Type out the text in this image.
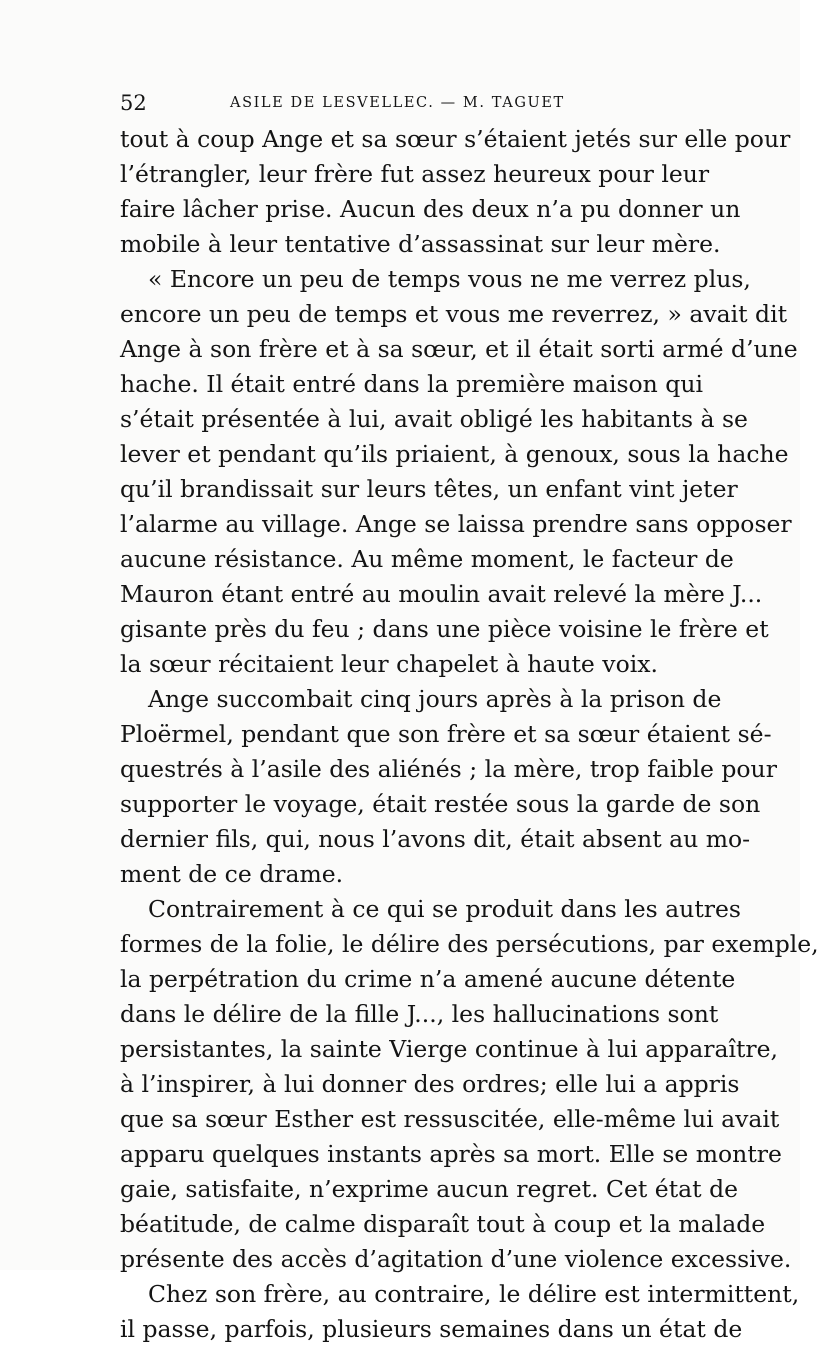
52	ASILE DE LESVELLEC. — M. TAGUET
tout à coup Ange et sa sœur s’étaient jetés sur elle pour
l’étrangler, leur frère fut assez heureux pour leur
faire lâcher prise. Aucun des deux n’a pu donner un
mobile à leur tentative d’assassinat sur leur mère.
« Encore un peu de temps vous ne me verrez plus,
encore un peu de temps et vous me reverrez, » avait dit
Ange à son frère et à sa sœur, et il était sorti armé d’une
hache. Il était entré dans la première maison qui
s’était présentée à lui, avait obligé les habitants à se
lever et pendant qu’ils priaient, à genoux, sous la hache
qu’il brandissait sur leurs têtes, un enfant vint jeter
l’alarme au village. Ange se laissa prendre sans opposer
aucune résistance. Au même moment, le facteur de
Mauron étant entré au moulin avait relevé la mère J...
gisante près du feu ; dans une pièce voisine le frère et
la sœur récitaient leur chapelet à haute voix.
Ange succombait cinq jours après à la prison de
Ploërmel, pendant que son frère et sa sœur étaient sé-
questrés à l’asile des aliénés ; la mère, trop faible pour
supporter le voyage, était restée sous la garde de son
dernier fils, qui, nous l’avons dit, était absent au mo-
ment de ce drame.
Contrairement à ce qui se produit dans les autres
formes de la folie, le délire des persécutions, par exemple,
la perpétration du crime n’a amené aucune détente
dans le délire de la fille J..., les hallucinations sont
persistantes, la sainte Vierge continue à lui apparaître,
à l’inspirer, à lui donner des ordres; elle lui a appris
que sa sœur Esther est ressuscitée, elle-même lui avait
apparu quelques instants après sa mort. Elle se montre
gaie, satisfaite, n’exprime aucun regret. Cet état de
béatitude, de calme disparaît tout à coup et la malade
présente des accès d’agitation d’une violence excessive.
Chez son frère, au contraire, le délire est intermittent,
il passe, parfois, plusieurs semaines dans un état de
